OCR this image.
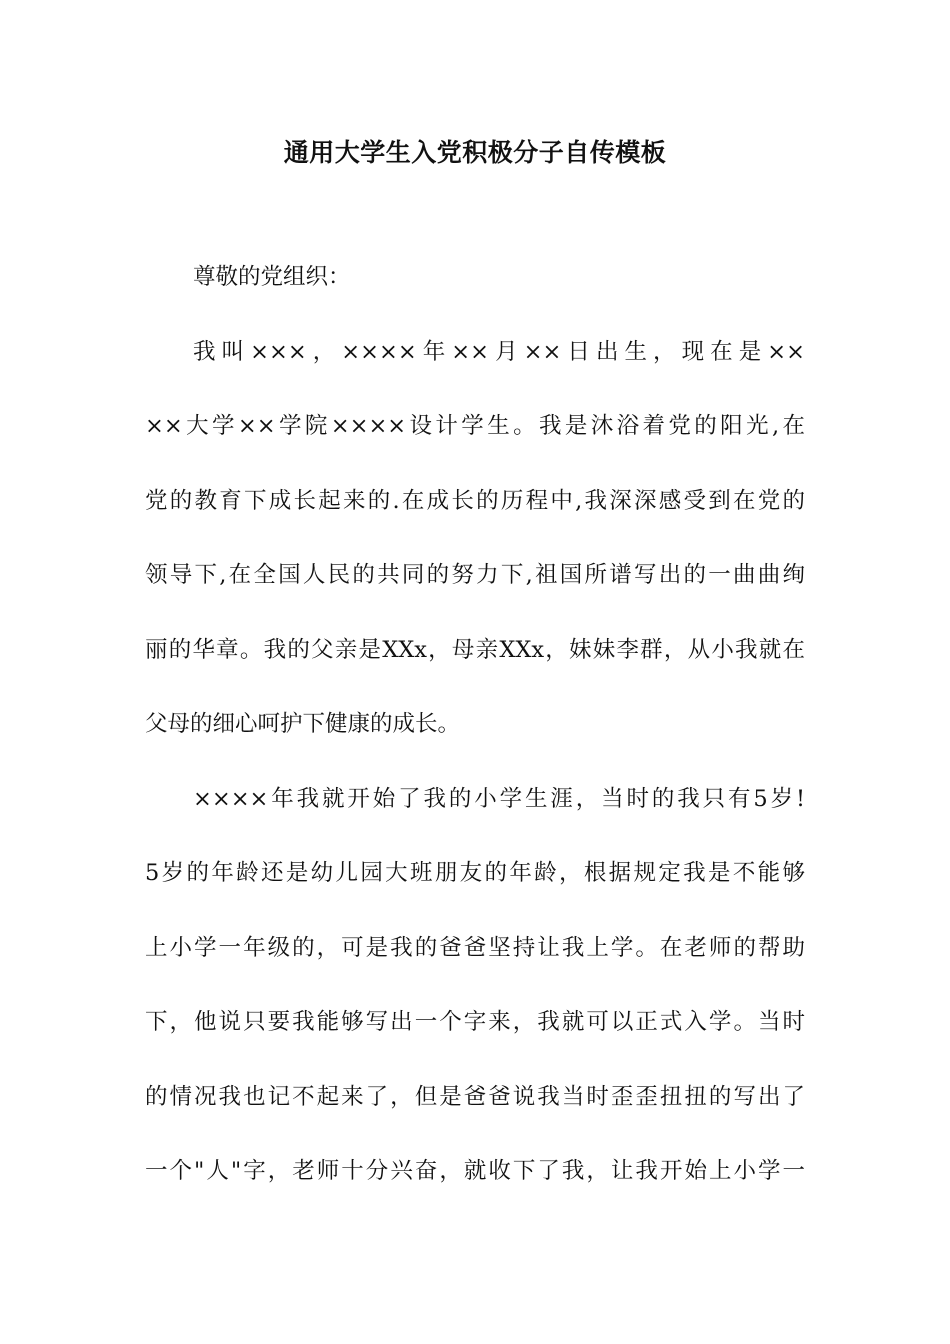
通用大学生入党积极分子自传模板
尊敬的党组织：
我叫×××，××××年××月××日出生，现在是××
××大学××学院××××设计学生。我是沐浴着党的阳光,在
党的教育下成长起来的.在成长的历程中,我深深感受到在党的
领导下,在全国人民的共同的努力下,祖国所谱写出的一曲曲绚
丽的华章。我的父亲是XXx，母亲XXx，妹妹李群，从小我就在
父母的细心呵护下健康的成长。
××××年我就开始了我的小学生涯，当时的我只有5岁!
5岁的年龄还是幼儿园大班朋友的年龄，根据规定我是不能够
上小学一年级的，可是我的爸爸坚持让我上学。在老师的帮助
下，他说只要我能够写出一个字来，我就可以正式入学。当时
的情况我也记不起来了，但是爸爸说我当时歪歪扭扭的写出了
一个"人"字，老师十分兴奋，就收下了我，让我开始上小学一
